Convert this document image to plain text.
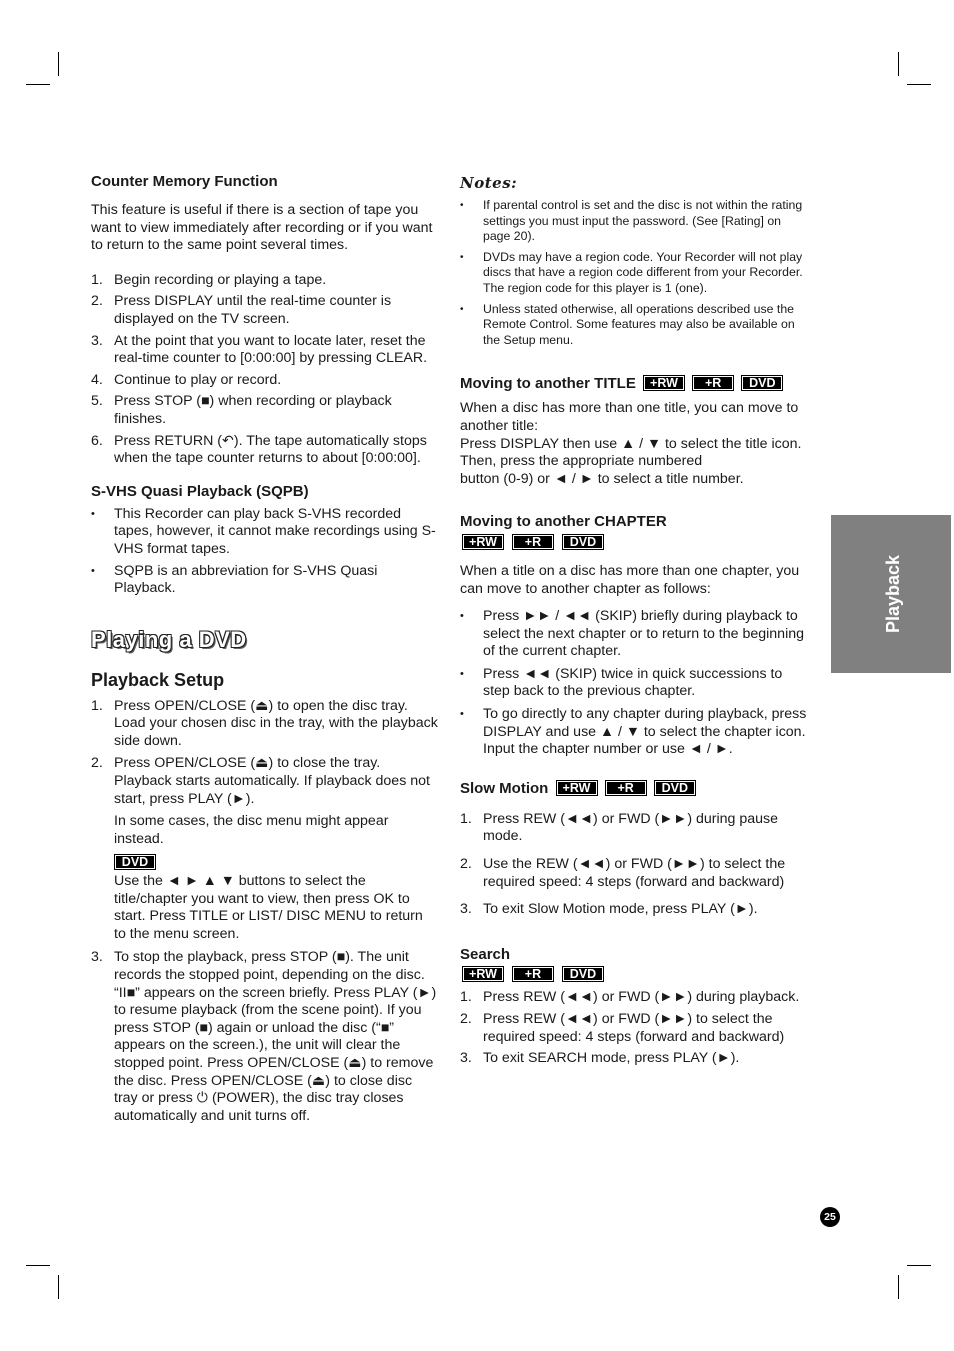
Counter Memory Function

This feature is useful if there is a section of tape you want to view immediately after recording or if you want to return to the same point several times.

1. Begin recording or playing a tape.
2. Press DISPLAY until the real-time counter is displayed on the TV screen.
3. At the point that you want to locate later, reset the real-time counter to [0:00:00] by pressing CLEAR.
4. Continue to play or record.
5. Press STOP (■) when recording or playback finishes.
6. Press RETURN (↶). The tape automatically stops when the tape counter returns to about [0:00:00].
S-VHS Quasi Playback (SQPB)
• This Recorder can play back S-VHS recorded tapes, however, it cannot make recordings using S-VHS format tapes.
• SQPB is an abbreviation for S-VHS Quasi Playback.
Playing a DVD
Playback Setup
1. Press OPEN/CLOSE (⏏) to open the disc tray. Load your chosen disc in the tray, with the playback side down.
2. Press OPEN/CLOSE (⏏) to close the tray. Playback starts automatically. If playback does not start, press PLAY (►).

In some cases, the disc menu might appear instead.

DVD

Use the ◄ ► ▲ ▼ buttons to select the title/chapter you want to view, then press OK to start. Press TITLE or LIST/ DISC MENU to return to the menu screen.

3. To stop the playback, press STOP (■). The unit records the stopped point, depending on the disc. “II■” appears on the screen briefly. Press PLAY (►) to resume playback (from the scene point). If you press STOP (■) again or unload the disc (“■” appears on the screen.), the unit will clear the stopped point. Press OPEN/CLOSE (⏏) to remove the disc. Press OPEN/CLOSE (⏏) to close disc tray or press ⏻ (POWER), the disc tray closes automatically and unit turns off.

Notes:

• If parental control is set and the disc is not within the rating settings you must input the password. (See [Rating] on page 20).
• DVDs may have a region code. Your Recorder will not play discs that have a region code different from your Recorder. The region code for this player is 1 (one).
• Unless stated otherwise, all operations described use the Remote Control. Some features may also be available on the Setup menu.
Moving to another TITLE +RW +R DVD

When a disc has more than one title, you can move to another title:

Press DISPLAY then use ▲ / ▼ to select the title icon. Then, press the appropriate numbered

button (0-9) or ◄ / ► to select a title number.

Moving to another CHAPTER
+RW +R DVD

When a title on a disc has more than one chapter, you can move to another chapter as follows:

• Press ►► / ◄◄ (SKIP) briefly during playback to select the next chapter or to return to the beginning of the current chapter.
• Press ◄◄ (SKIP) twice in quick successions to step back to the previous chapter.
• To go directly to any chapter during playback, press DISPLAY and use ▲ / ▼ to select the chapter icon. Input the chapter number or use ◄ / ►.
Slow Motion +RW +R DVD
1. Press REW (◄◄) or FWD (►►) during pause mode.
2. Use the REW (◄◄) or FWD (►►) to select the required speed: 4 steps (forward and backward)
3. To exit Slow Motion mode, press PLAY (►).
Search
+RW +R DVD
1. Press REW (◄◄) or FWD (►►) during playback.
2. Press REW (◄◄) or FWD (►►) to select the required speed: 4 steps (forward and backward)
3. To exit SEARCH mode, press PLAY (►).
Playback
25
